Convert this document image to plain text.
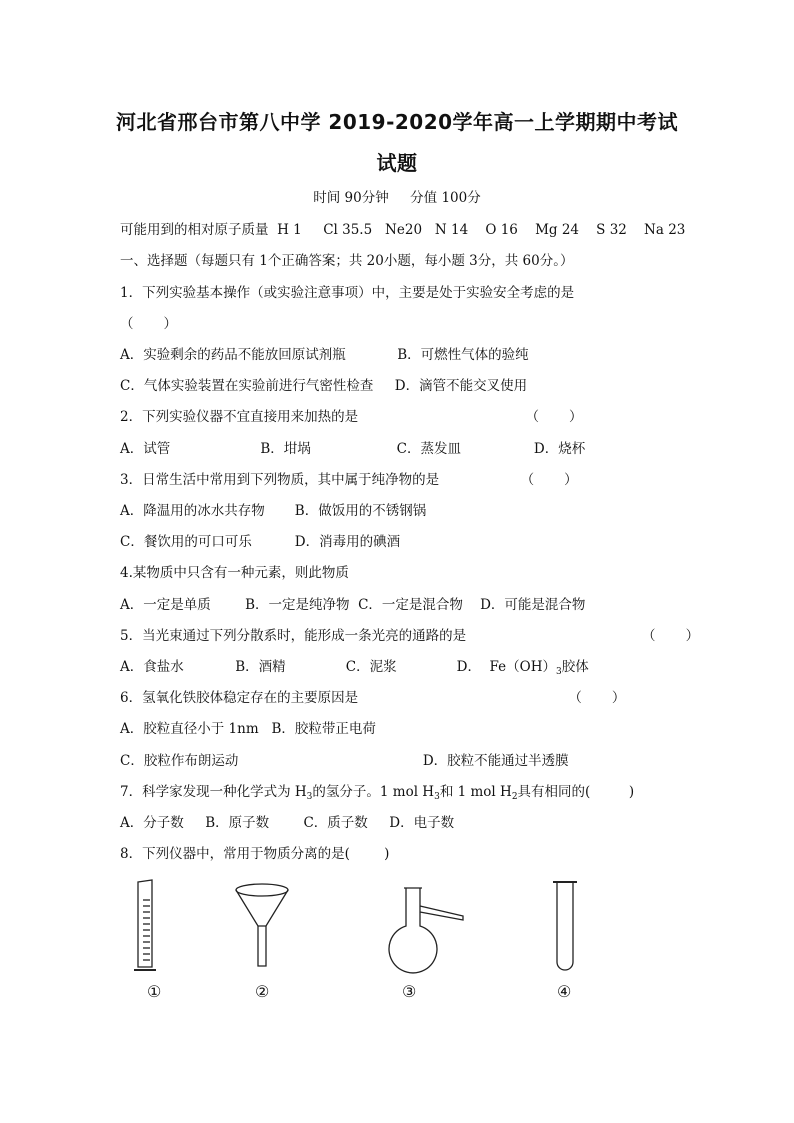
河北省邢台市第八中学 2019-2020学年高一上学期期中考试
试题
时间 90分钟     分值 100分
可能用到的相对原子质量  H 1     Cl 35.5   Ne20   N 14    O 16    Mg 24    S 32    Na 23
一、选择题（每题只有 1个正确答案；共 20小题，每小题 3分，共 60分。）
1．下列实验基本操作（或实验注意事项）中，主要是处于实验安全考虑的是
（       ）
A．实验剩余的药品不能放回原试剂瓶            B．可燃性气体的验纯
C．气体实验装置在实验前进行气密性检查     D．滴管不能交叉使用
2．下列实验仪器不宜直接用来加热的是                                       （       ）
A．试管                     B．坩埚                    C．蒸发皿                 D．烧杯
3．日常生活中常用到下列物质，其中属于纯净物的是                   （       ）
A．降温用的冰水共存物       B．做饭用的不锈钢锅
C．餐饮用的可口可乐          D．消毒用的碘酒
4.某物质中只含有一种元素，则此物质
A．一定是单质        B．一定是纯净物  C．一定是混合物    D．可能是混合物
5．当光束通过下列分散系时，能形成一条光亮的通路的是                                         （       ）
A．食盐水            B．酒精              C．泥浆              D．  $Fe(OH)_3$胶体
6．氢氧化铁胶体稳定存在的主要原因是                                                 （       ）
A．胶粒直径小于 1nm   B．胶粒带正电荷
C．胶粒作布朗运动                                           D．胶粒不能通过半透膜
7．科学家发现一种化学式为 $H_3$的氢分子。1 mol $H_3$和 1 mol $H_2$具有相同的(         )
A．分子数     B．原子数        C．质子数     D．电子数
8．下列仪器中，常用于物质分离的是(        )
①	②	③	④
